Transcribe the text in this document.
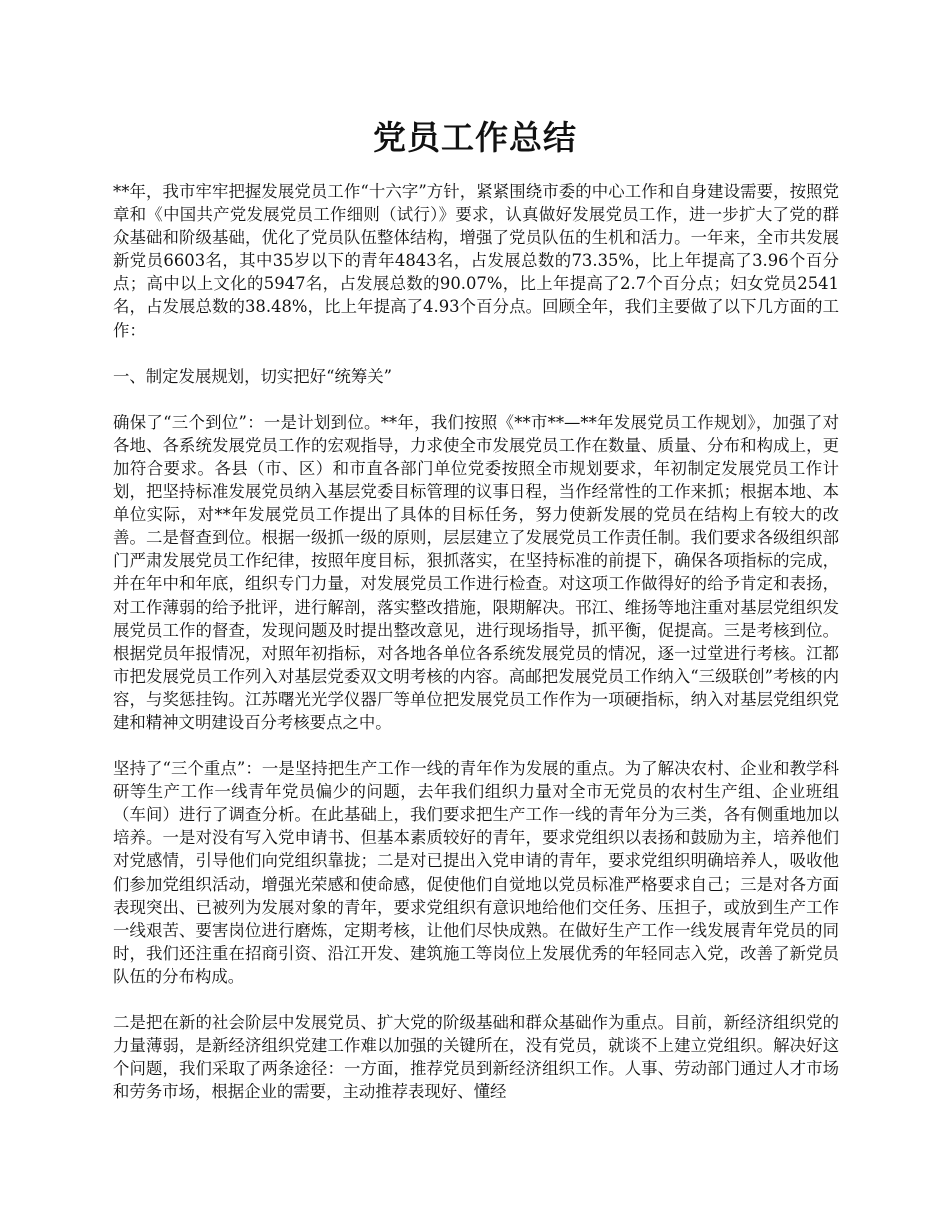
党员工作总结

**年，我市牢牢把握发展党员工作“十六字”方针，紧紧围绕市委的中心工作和自身建设需要，按照党章和《中国共产党发展党员工作细则（试行）》要求，认真做好发展党员工作，进一步扩大了党的群众基础和阶级基础，优化了党员队伍整体结构，增强了党员队伍的生机和活力。一年来，全市共发展新党员6603名，其中35岁以下的青年4843名，占发展总数的73.35%，比上年提高了3.96个百分点；高中以上文化的5947名，占发展总数的90.07%，比上年提高了2.7个百分点；妇女党员2541名，占发展总数的38.48%，比上年提高了4.93个百分点。回顾全年，我们主要做了以下几方面的工作：

一、制定发展规划，切实把好“统筹关”

确保了“三个到位”：一是计划到位。**年，我们按照《**市**—**年发展党员工作规划》，加强了对各地、各系统发展党员工作的宏观指导，力求使全市发展党员工作在数量、质量、分布和构成上，更加符合要求。各县（市、区）和市直各部门单位党委按照全市规划要求，年初制定发展党员工作计划，把坚持标准发展党员纳入基层党委目标管理的议事日程，当作经常性的工作来抓；根据本地、本单位实际，对**年发展党员工作提出了具体的目标任务，努力使新发展的党员在结构上有较大的改善。二是督查到位。根据一级抓一级的原则，层层建立了发展党员工作责任制。我们要求各级组织部门严肃发展党员工作纪律，按照年度目标，狠抓落实，在坚持标准的前提下，确保各项指标的完成，并在年中和年底，组织专门力量，对发展党员工作进行检查。对这项工作做得好的给予肯定和表扬，对工作薄弱的给予批评，进行解剖，落实整改措施，限期解决。邗江、维扬等地注重对基层党组织发展党员工作的督查，发现问题及时提出整改意见，进行现场指导，抓平衡，促提高。三是考核到位。根据党员年报情况，对照年初指标，对各地各单位各系统发展党员的情况，逐一过堂进行考核。江都市把发展党员工作列入对基层党委双文明考核的内容。高邮把发展党员工作纳入“三级联创”考核的内容，与奖惩挂钩。江苏曙光光学仪器厂等单位把发展党员工作作为一项硬指标，纳入对基层党组织党建和精神文明建设百分考核要点之中。

坚持了“三个重点”：一是坚持把生产工作一线的青年作为发展的重点。为了解决农村、企业和教学科研等生产工作一线青年党员偏少的问题，去年我们组织力量对全市无党员的农村生产组、企业班组（车间）进行了调查分析。在此基础上，我们要求把生产工作一线的青年分为三类，各有侧重地加以培养。一是对没有写入党申请书、但基本素质较好的青年，要求党组织以表扬和鼓励为主，培养他们对党感情，引导他们向党组织靠拢；二是对已提出入党申请的青年，要求党组织明确培养人，吸收他们参加党组织活动，增强光荣感和使命感，促使他们自觉地以党员标准严格要求自己；三是对各方面表现突出、已被列为发展对象的青年，要求党组织有意识地给他们交任务、压担子，或放到生产工作一线艰苦、要害岗位进行磨炼，定期考核，让他们尽快成熟。在做好生产工作一线发展青年党员的同时，我们还注重在招商引资、沿江开发、建筑施工等岗位上发展优秀的年轻同志入党，改善了新党员队伍的分布构成。

二是把在新的社会阶层中发展党员、扩大党的阶级基础和群众基础作为重点。目前，新经济组织党的力量薄弱，是新经济组织党建工作难以加强的关键所在，没有党员，就谈不上建立党组织。解决好这个问题，我们采取了两条途径：一方面，推荐党员到新经济组织工作。人事、劳动部门通过人才市场和劳务市场，根据企业的需要，主动推荐表现好、懂经
